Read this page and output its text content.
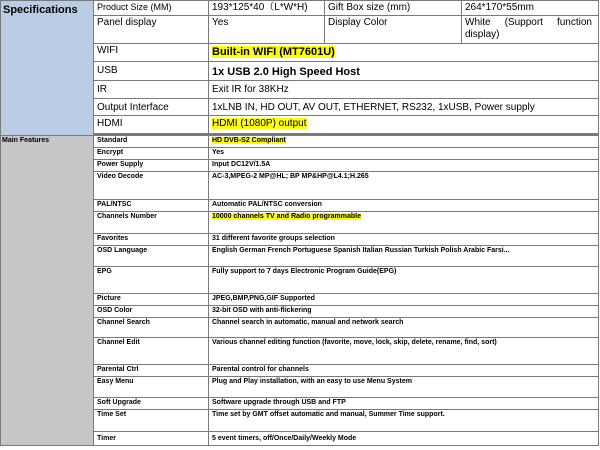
Specifications	Product Size (MM)	193*125*40（L*W*H)	Gift Box size (mm)	264*170*55mm
	Panel display	Yes	Display Color	White (Support function
display)

	WIFI	Built-in WIFI (MT7601U)		
	USB	1x USB 2.0 High Speed Host		
	IR	Exit IR for 38KHz		
	Output Interface	1xLNB IN, HD OUT, AV OUT, ETHERNET, RS232, 1xUSB, Power supply		
	HDMI	HDMI (1080P) output		

Main Features	Standard	HD DVB-S2 Compliant		
	Encrypt	Yes		
	Power Supply	Input DC12V/1.5A		
	Video Decode	AC-3,MPEG-2 MP@HL; BP MP&HP@L4.1;H.265		
	PAL/NTSC	Automatic PAL/NTSC conversion		
	Channels Number	10000 channels TV and Radio programmable		
	Favorites	31 different favorite groups selection		
	OSD Language	English German French Portuguese Spanish Italian Russian Turkish Polish Arabic Farsi...		
	EPG	Fully support to 7 days Electronic Program Guide(EPG)		
	Picture	JPEG,BMP,PNG,GIF Supported		
	OSD Color	32-bit OSD with anti-flickering		
	Channel Search	Channel search in automatic, manual and network search		
	Channel Edit	Various channel editing function (favorite, move, lock, skip, delete, rename, find, sort)		
	Parental Ctrl	Parental control for channels		
	Easy Menu	Plug and Play installation, with an easy to use Menu System		
	Soft Upgrade	Software upgrade through USB and FTP		
	Time Set	Time set by GMT offset automatic and manual, Summer Time support.		
	Timer	5 event timers, off/Once/Daily/Weekly Mode		
